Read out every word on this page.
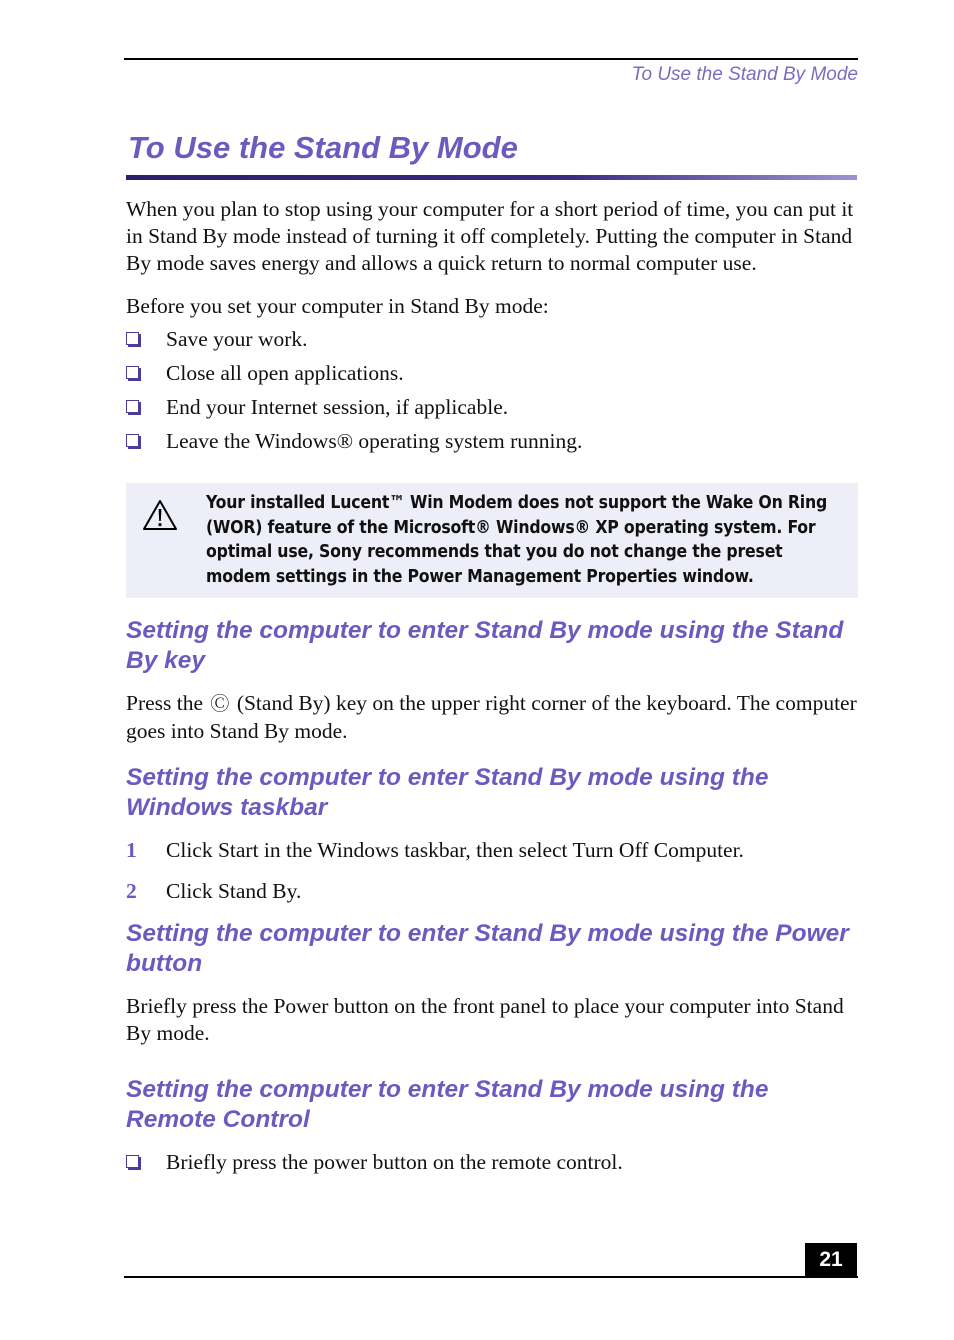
To Use the Stand By Mode
To Use the Stand By Mode

When you plan to stop using your computer for a short period of time, you can put it in Stand By mode instead of turning it off completely. Putting the computer in Stand By mode saves energy and allows a quick return to normal computer use.

Before you set your computer in Stand By mode:

Save your work.
Close all open applications.
End your Internet session, if applicable.
Leave the Windows® operating system running.
Your installed Lucent™ Win Modem does not support the Wake On Ring (WOR) feature of the Microsoft® Windows® XP operating system. For optimal use, Sony recommends that you do not change the preset modem settings in the Power Management Properties window.
Setting the computer to enter Stand By mode using the Stand By key

Press the Ⓒ (Stand By) key on the upper right corner of the keyboard. The computer goes into Stand By mode.

Setting the computer to enter Stand By mode using the Windows taskbar
1 Click Start in the Windows taskbar, then select Turn Off Computer.
2 Click Stand By.
Setting the computer to enter Stand By mode using the Power button

Briefly press the Power button on the front panel to place your computer into Stand By mode.

Setting the computer to enter Stand By mode using the Remote Control
Briefly press the power button on the remote control.
21
